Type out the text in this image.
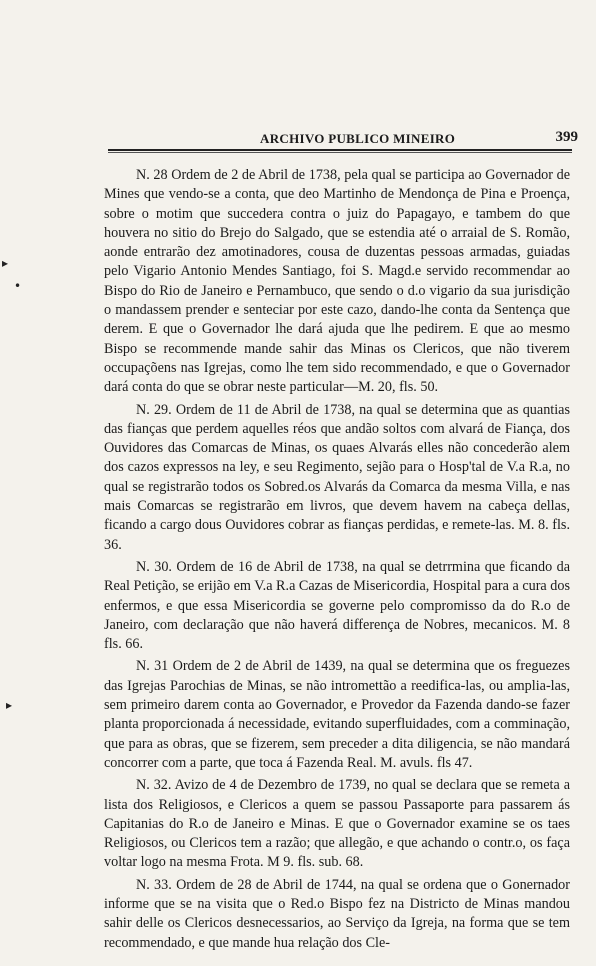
▸
•
▸
ARCHIVO PUBLICO MINEIRO	399

N. 28 Ordem de 2 de Abril de 1738, pela qual se participa ao Governador de Mines que vendo-se a conta, que deo Martinho de Mendonça de Pina e Proença, sobre o motim que succedera contra o juiz do Papagayo, e tambem do que houvera no sitio do Brejo do Salgado, que se estendia até o arraial de S. Romão, aonde entrarão dez amotinadores, cousa de duzentas pessoas armadas, guiadas pelo Vigario Antonio Mendes Santiago, foi S. Magd.e servido recommendar ao Bispo do Rio de Janeiro e Pernambuco, que sendo o d.o vigario da sua jurisdição o mandassem prender e senteciar por este cazo, dando-lhe conta da Sentença que derem. E que o Governador lhe dará ajuda que lhe pedirem. E que ao mesmo Bispo se recommende mande sahir das Minas os Clericos, que não tiverem occupaçõens nas Igrejas, como lhe tem sido recommendado, e que o Governador dará conta do que se obrar neste particular—M. 20, fls. 50.

N. 29. Ordem de 11 de Abril de 1738, na qual se determina que as quantias das fianças que perdem aquelles réos que andão soltos com alvará de Fiança, dos Ouvidores das Comarcas de Minas, os quaes Alvarás elles não concederão alem dos cazos expressos na ley, e seu Regimento, sejão para o Hosp'tal de V.a R.a, no qual se registrarão todos os Sobred.os Alvarás da Comarca da mesma Villa, e nas mais Comarcas se registrarão em livros, que devem havem na cabeça dellas, ficando a cargo dous Ouvidores cobrar as fianças perdidas, e remete-las. M. 8. fls. 36.

N. 30. Ordem de 16 de Abril de 1738, na qual se detrrmina que ficando da Real Petição, se erijão em V.a R.a Cazas de Misericordia, Hospital para a cura dos enfermos, e que essa Misericordia se governe pelo compromisso da do R.o de Janeiro, com declaração que não haverá differença de Nobres, mecanicos. M. 8 fls. 66.

N. 31 Ordem de 2 de Abril de 1439, na qual se determina que os freguezes das Igrejas Parochias de Minas, se não intromettão a reedifica-las, ou amplia-las, sem primeiro darem conta ao Governador, e Provedor da Fazenda dando-se fazer planta proporcionada á necessidade, evitando superfluidades, com a comminação, que para as obras, que se fizerem, sem preceder a dita diligencia, se não mandará concorrer com a parte, que toca á Fazenda Real. M. avuls. fls 47.

N. 32. Avizo de 4 de Dezembro de 1739, no qual se declara que se remeta a lista dos Religiosos, e Clericos a quem se passou Passaporte para passarem ás Capitanias do R.o de Janeiro e Minas. E que o Governador examine se os taes Religiosos, ou Clericos tem a razão; que allegão, e que achando o contr.o, os faça voltar logo na mesma Frota. M 9. fls. sub. 68.

N. 33. Ordem de 28 de Abril de 1744, na qual se ordena que o Gonernador informe que se na visita que o Red.o Bispo fez na Districto de Minas mandou sahir delle os Clericos desnecessarios, ao Serviço da Igreja, na forma que se tem recommendado, e que mande hua relação dos Cle-
